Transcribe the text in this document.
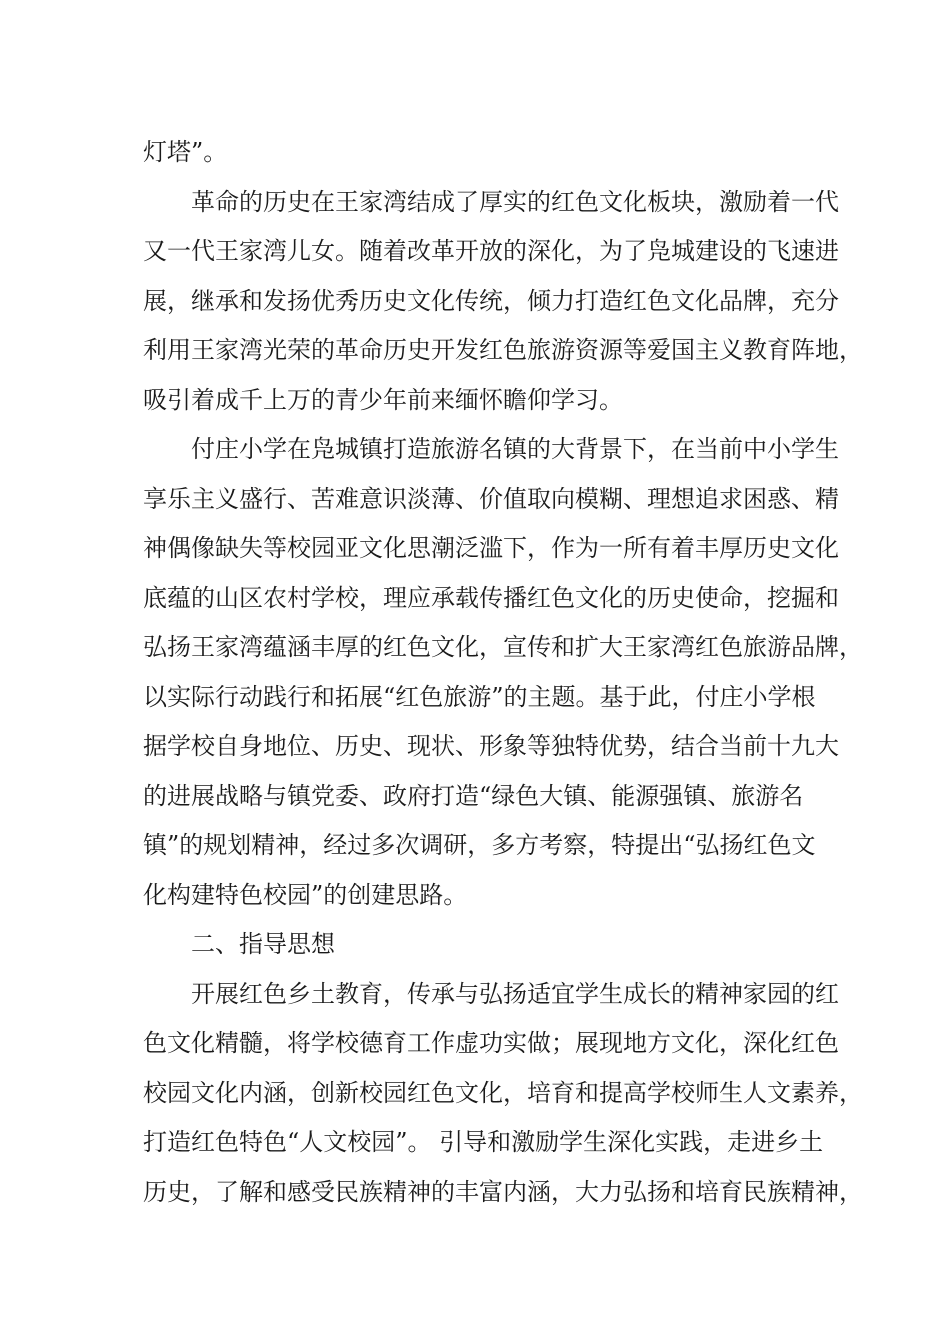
灯塔”。
革命的历史在王家湾结成了厚实的红色文化板块，激励着一代
又一代王家湾儿女。随着改革开放的深化，为了凫城建设的飞速进
展，继承和发扬优秀历史文化传统，倾力打造红色文化品牌，充分
利用王家湾光荣的革命历史开发红色旅游资源等爱国主义教育阵地，
吸引着成千上万的青少年前来缅怀瞻仰学习。
付庄小学在凫城镇打造旅游名镇的大背景下，在当前中小学生
享乐主义盛行、苦难意识淡薄、价值取向模糊、理想追求困惑、精
神偶像缺失等校园亚文化思潮泛滥下，作为一所有着丰厚历史文化
底蕴的山区农村学校，理应承载传播红色文化的历史使命，挖掘和
弘扬王家湾蕴涵丰厚的红色文化，宣传和扩大王家湾红色旅游品牌，
以实际行动践行和拓展“红色旅游”的主题。基于此，付庄小学根
据学校自身地位、历史、现状、形象等独特优势，结合当前十九大
的进展战略与镇党委、政府打造“绿色大镇、能源强镇、旅游名
镇”的规划精神，经过多次调研，多方考察，特提出“弘扬红色文
化构建特色校园”的创建思路。
二、指导思想
开展红色乡土教育，传承与弘扬适宜学生成长的精神家园的红
色文化精髓，将学校德育工作虚功实做；展现地方文化，深化红色
校园文化内涵，创新校园红色文化，培育和提高学校师生人文素养，
打造红色特色“人文校园”。 引导和激励学生深化实践，走进乡土
历史，了解和感受民族精神的丰富内涵，大力弘扬和培育民族精神，
